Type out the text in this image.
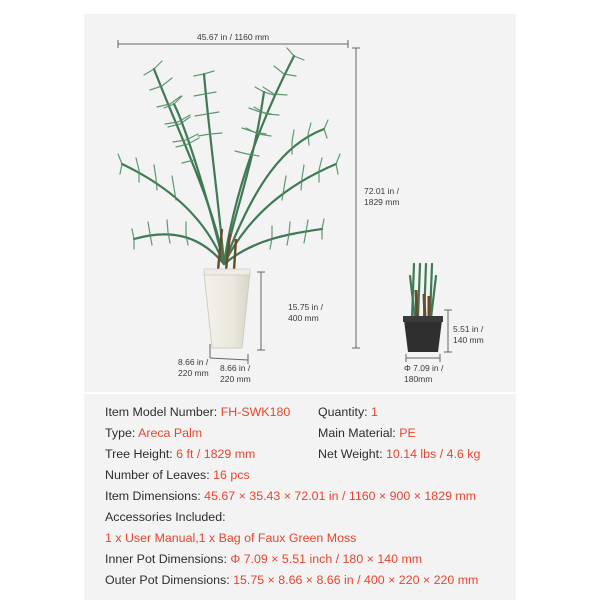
45.67 in / 1160 mm
72.01 in /
1829 mm
15.75 in /
400 mm
8.66 in /
220 mm 8.66 in /
220 mm
5.51 in /
140 mm
Φ 7.09 in /
180mm
Item Model Number: FH-SWK180 Quantity: 1
Type: Areca Palm	Main Material: PE
Tree Height: 6 ft / 1829 mm	Net Weight: 10.14 lbs / 4.6 kg
Number of Leaves: 16 pcs
Item Dimensions: 45.67 × 35.43 × 72.01 in / 1160 × 900 × 1829 mm
Accessories Included:
1 x User Manual,1 x Bag of Faux Green Moss
Inner Pot Dimensions: Φ 7.09 × 5.51 inch / 180 × 140 mm
Outer Pot Dimensions: 15.75 × 8.66 × 8.66 in / 400 × 220 × 220 mm
